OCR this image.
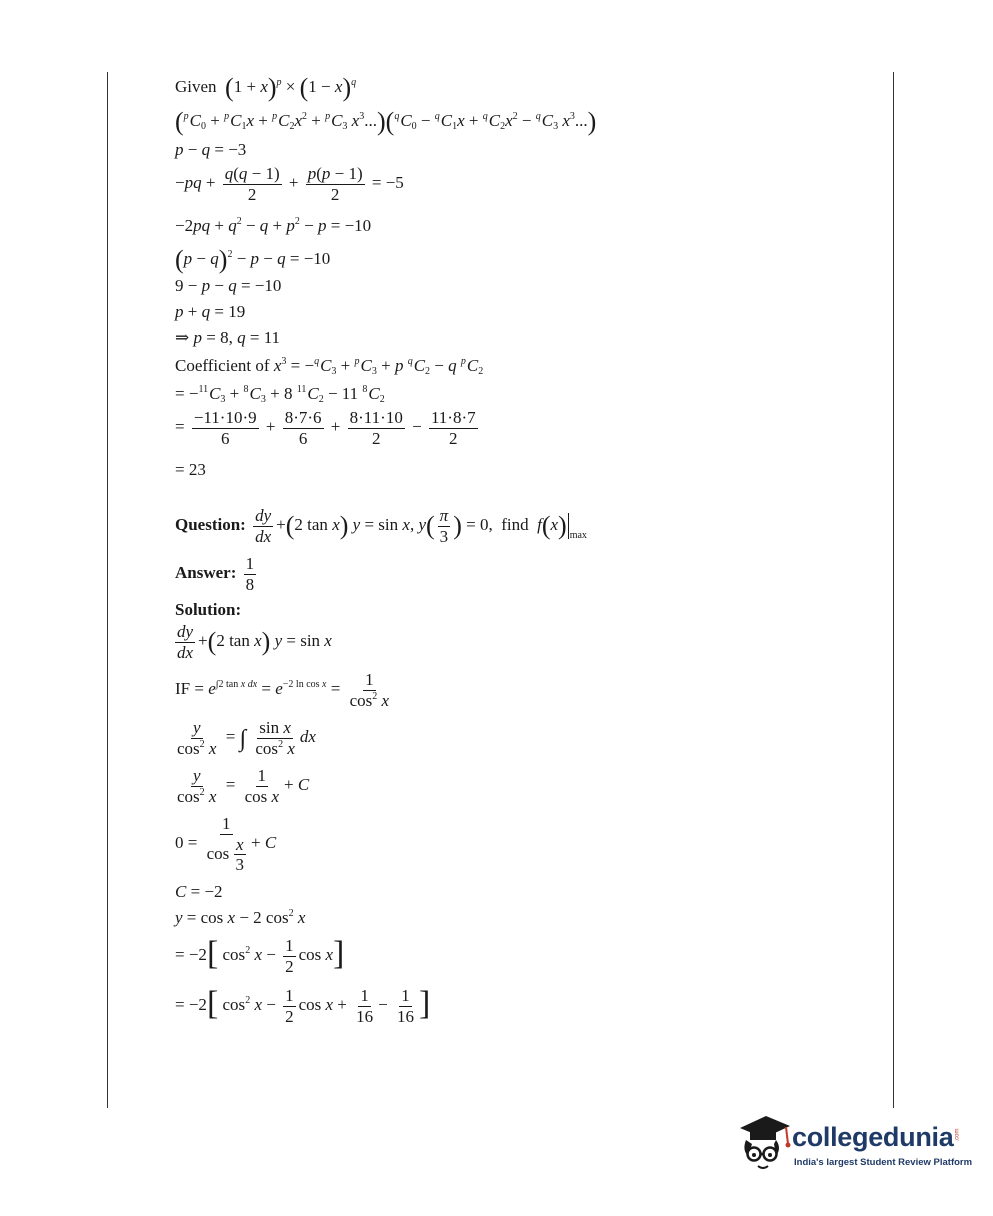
Given $(1 + x)^p \times (1 - x)^q$
($^pC_0 + ^pC_1x + ^pC_2x^2 + ^pC_3$ $x^3...)(^qC_0 - ^qC_1x + ^qC_2x^2 - ^qC_3$ $x^3$...)
p − q = −3
$-pq + \frac{q(q - 1)}{2} + \frac{p(p - 1)}{2} = -5$
$-2pq + q^2 - q + p^2 - p = -10$
$(p - q)^2 - p - q = -10$
9 − p − q = −10
p + q = 19
⇒ p = 8, q = 11
Coefficient of $x^3 = -^qC_3 + ^pC_3 + p$ $^qC_2 - q$ $^pC_2$
= $-^{11}C_3 + ^8C_3 + 8$ $^{11}C_2 - 11$ $^8C_2$
= $\frac{-11\cdot 10\cdot 9}{6} + \frac{8\cdot 7\cdot 6}{6} + \frac{8\cdot 11\cdot 10}{2} - \frac{11\cdot 8\cdot 7}{2}$
= 23
Question: $\frac{dy}{dx} +(2$ tan x) y = sin x, $y( \frac{\pi}{3}$ ) = 0,  find f(x) $_{max}$
Answer: $\frac{1}{8}$
Solution:
$\frac{dy}{dx} +(2$ tan x) y = sin x
IF = $e^{\int 2 tan x dx} = e^{-2 ln cos x} = \frac{1}{\cos^2 x}$
$\frac{y}{\cos^2 x}$ = ∫ $\frac{\text{sin x}}{\cos^2 x}$ dx
$\frac{y}{\cos^2 x} = \frac{1}{\text{cos x}} + C$
$0 = \frac{1}{\cos \frac{x}{3}} + C$
C = −2
y = cos x − 2 $\cos^2 x$
= −2[ $\cos^2 x - \frac{1}{2}$ cos x]
= −2[ $\cos^2 x - \frac{1}{2}$ $\cos x + \frac{1}{16} - \frac{1}{16}$ ]
collegedunia .com
India's largest Student Review Platform
